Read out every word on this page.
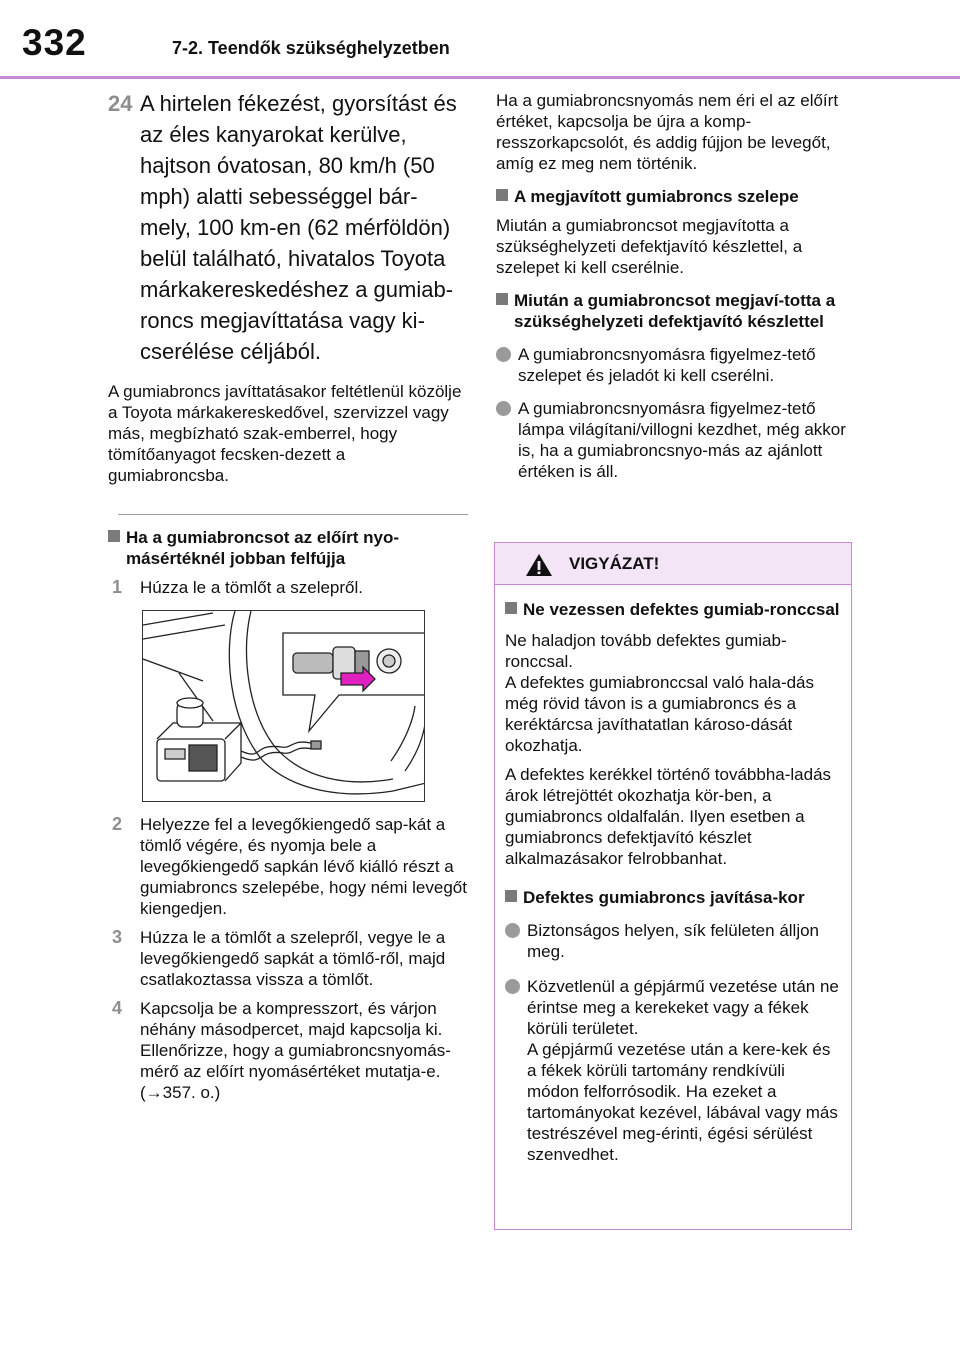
332	7-2. Teendők szükséghelyzetben
24 A hirtelen fékezést, gyorsítást és az éles kanyarokat kerülve, hajtson óvatosan, 80 km/h (50 mph) alatti sebességgel bár-mely, 100 km-en (62 mérföldön) belül található, hivatalos Toyota márkakereskedéshez a gumiab-roncs megjavíttatása vagy ki-cserélése céljából.
A gumiabroncs javíttatásakor feltétlenül közölje a Toyota márkakereskedővel, szervizzel vagy más, megbízható szak-emberrel, hogy tömítőanyagot fecsken-dezett a gumiabroncsba.
Ha a gumiabroncsot az előírt nyo-másértéknél jobban felfújja
1 Húzza le a tömlőt a szelepről.
2 Helyezze fel a levegőkiengedő sap-kát a tömlő végére, és nyomja bele a levegőkiengedő sapkán lévő kiálló részt a gumiabroncs szelepébe, hogy némi levegőt kiengedjen.
3 Húzza le a tömlőt a szelepről, vegye le a levegőkiengedő sapkát a tömlő-ről, majd csatlakoztassa vissza a tömlőt.
4 Kapcsolja be a kompresszort, és várjon néhány másodpercet, majd kapcsolja ki. Ellenőrizze, hogy a gumiabroncsnyomás-mérő az előírt nyomásértéket mutatja-e. (→357. o.)
Ha a gumiabroncsnyomás nem éri el az előírt értéket, kapcsolja be újra a komp-resszorkapcsolót, és addig fújjon be levegőt, amíg ez meg nem történik.
A megjavított gumiabroncs szelepe
Miután a gumiabroncsot megjavította a szükséghelyzeti defektjavító készlettel, a szelepet ki kell cserélnie.
Miután a gumiabroncsot megjaví-totta a szükséghelyzeti defektjavító készlettel
A gumiabroncsnyomásra figyelmez-tető szelepet és jeladót ki kell cserélni.
A gumiabroncsnyomásra figyelmez-tető lámpa világítani/villogni kezdhet, még akkor is, ha a gumiabroncsnyo-más az ajánlott értéken is áll.
VIGYÁZAT!
Ne vezessen defektes gumiab-ronccsal
Ne haladjon tovább defektes gumiab-ronccsal.
A defektes gumiabronccsal való hala-dás még rövid távon is a gumiabroncs és a keréktárcsa javíthatatlan károso-dását okozhatja.
A defektes kerékkel történő továbbha-ladás árok létrejöttét okozhatja kör-ben, a gumiabroncs oldalfalán. Ilyen esetben a gumiabroncs defektjavító készlet alkalmazásakor felrobbanhat.
Defektes gumiabroncs javítása-kor
Biztonságos helyen, sík felületen álljon meg.
Közvetlenül a gépjármű vezetése után ne érintse meg a kerekeket vagy a fékek körüli területet.
A gépjármű vezetése után a kere-kek és a fékek körüli tartomány rendkívüli módon felforrósodik. Ha ezeket a tartományokat kezével, lábával vagy más testrészével meg-érinti, égési sérülést szenvedhet.
